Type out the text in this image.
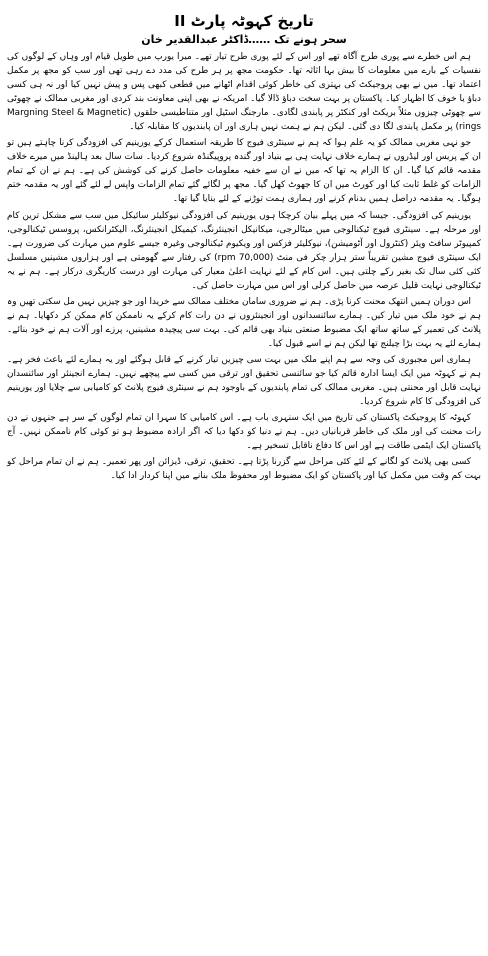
تاریخ کہوٹہ پارٹ II
سحر ہونے تک ……ڈاکٹر عبدالقدیر خان

ہم اس خطرے سے پوری طرح آگاہ تھے اور اس کے لئے پوری طرح تیار تھے۔ میرا یورپ میں طویل قیام اور وہاں کے لوگوں کی نفسیات کے بارے میں معلومات کا بیش بہا اثاثہ تھا۔ حکومت مجھ پر ہر طرح کی مدد دے رہی تھی اور سب کو مجھ پر مکمل اعتماد تھا۔ میں نے بھی پروجیکٹ کی بہتری کی خاطر کوئی اقدام اٹھانے میں قطعی کبھی پس و پیش نہیں کیا اور نہ ہی کسی دباؤ یا خوف کا اظہار کیا۔ پاکستان پر بہت سخت دباؤ ڈالا گیا۔ امریکہ نے بھی اپنی معاونت بند کردی اور مغربی ممالک نے چھوٹی سے چھوٹی چیزوں مثلاً بریکٹ اور کنکٹر پر پابندی لگادی۔ مارجنگ اسٹیل اور متناطیسی حلقوں (Margning Steel & Magnetic rings) پر مکمل پابندی لگا دی گئی۔ لیکن ہم نے ہمت نہیں ہاری اور ان پابندیوں کا مقابلہ کیا۔

جو نہی مغربی ممالک کو یہ علم ہوا کہ ہم نے سینٹری فیوج کا طریقہ استعمال کرکے یورینیم کی افزودگی کرنا چاہتے ہیں تو ان کے پریس اور لیڈروں نے ہمارے خلاف نہایت ہی بے بنیاد اور گندہ پروپیگنڈہ شروع کردیا۔ سات سال بعد ہالینڈ میں میرے خلاف مقدمہ قائم کیا گیا۔ ان کا الزام یہ تھا کہ میں نے ان سے خفیہ معلومات حاصل کرنے کی کوشش کی ہے۔ ہم نے ان کے تمام الزامات کو غلط ثابت کیا اور کورٹ میں ان کا جھوٹ کھل گیا۔ مجھ پر لگائے گئے تمام الزامات واپس لے لئے گئے اور یہ مقدمہ ختم ہوگیا۔ یہ مقدمہ دراصل ہمیں بدنام کرنے اور ہماری ہمت توڑنے کے لئے بنایا گیا تھا۔

یورینیم کی افزودگی۔ جیسا کہ میں پہلے بیان کرچکا ہوں یورینیم کی افزودگی نیوکلیئر سائیکل میں سب سے مشکل ترین کام اور مرحلہ ہے۔ سینٹری فیوج ٹیکنالوجی میں میٹالرجی، میکانیکل انجینئرنگ، کیمیکل انجینئرنگ، الیکٹرانکس، پروسس ٹیکنالوجی، کمپیوٹر سافٹ ویئر (کنٹرول اور آٹومیشن)، نیوکلیئر فزکس اور ویکیوم ٹیکنالوجی وغیرہ جیسے علوم میں مہارت کی ضرورت ہے۔ ایک سینٹری فیوج مشین تقریباً ستر ہزار چکر فی منٹ (70,000 rpm) کی رفتار سے گھومتی ہے اور ہزاروں مشینیں مسلسل کئی کئی سال تک بغیر رکے چلتی ہیں۔ اس کام کے لئے نہایت اعلیٰ معیار کی مہارت اور درست کاریگری درکار ہے۔ ہم نے یہ ٹیکنالوجی نہایت قلیل عرصہ میں حاصل کرلی اور اس میں مہارت حاصل کی۔

اس دوران ہمیں انتھک محنت کرنا پڑی۔ ہم نے ضروری سامان مختلف ممالک سے خریدا اور جو چیزیں نہیں مل سکتی تھیں وہ ہم نے خود ملک میں تیار کیں۔ ہمارے سائنسدانوں اور انجینئروں نے دن رات کام کرکے یہ ناممکن کام ممکن کر دکھایا۔ ہم نے پلانٹ کی تعمیر کے ساتھ ساتھ ایک مضبوط صنعتی بنیاد بھی قائم کی۔ بہت سی پیچیدہ مشینیں، پرزے اور آلات ہم نے خود بنائے۔ ہمارے لئے یہ بہت بڑا چیلنج تھا لیکن ہم نے اسے قبول کیا۔

ہماری اس مجبوری کی وجہ سے ہم اپنے ملک میں بہت سی چیزیں تیار کرنے کے قابل ہوگئے اور یہ ہمارے لئے باعث فخر ہے۔ ہم نے کہوٹہ میں ایک ایسا ادارہ قائم کیا جو سائنسی تحقیق اور ترقی میں کسی سے پیچھے نہیں۔ ہمارے انجینئر اور سائنسدان نہایت قابل اور محنتی ہیں۔ مغربی ممالک کی تمام پابندیوں کے باوجود ہم نے سینٹری فیوج پلانٹ کو کامیابی سے چلایا اور یورینیم کی افزودگی کا کام شروع کردیا۔

کہوٹہ کا پروجیکٹ پاکستان کی تاریخ میں ایک سنہری باب ہے۔ اس کامیابی کا سہرا ان تمام لوگوں کے سر ہے جنہوں نے دن رات محنت کی اور ملک کی خاطر قربانیاں دیں۔ ہم نے دنیا کو دکھا دیا کہ اگر ارادہ مضبوط ہو تو کوئی کام ناممکن نہیں۔ آج پاکستان ایک ایٹمی طاقت ہے اور اس کا دفاع ناقابل تسخیر ہے۔

کسی بھی پلانٹ کو لگانے کے لئے کئی مراحل سے گزرنا پڑتا ہے۔ تحقیق، ترقی، ڈیزائن اور پھر تعمیر۔ ہم نے ان تمام مراحل کو بہت کم وقت میں مکمل کیا اور پاکستان کو ایک مضبوط اور محفوظ ملک بنانے میں اپنا کردار ادا کیا۔
